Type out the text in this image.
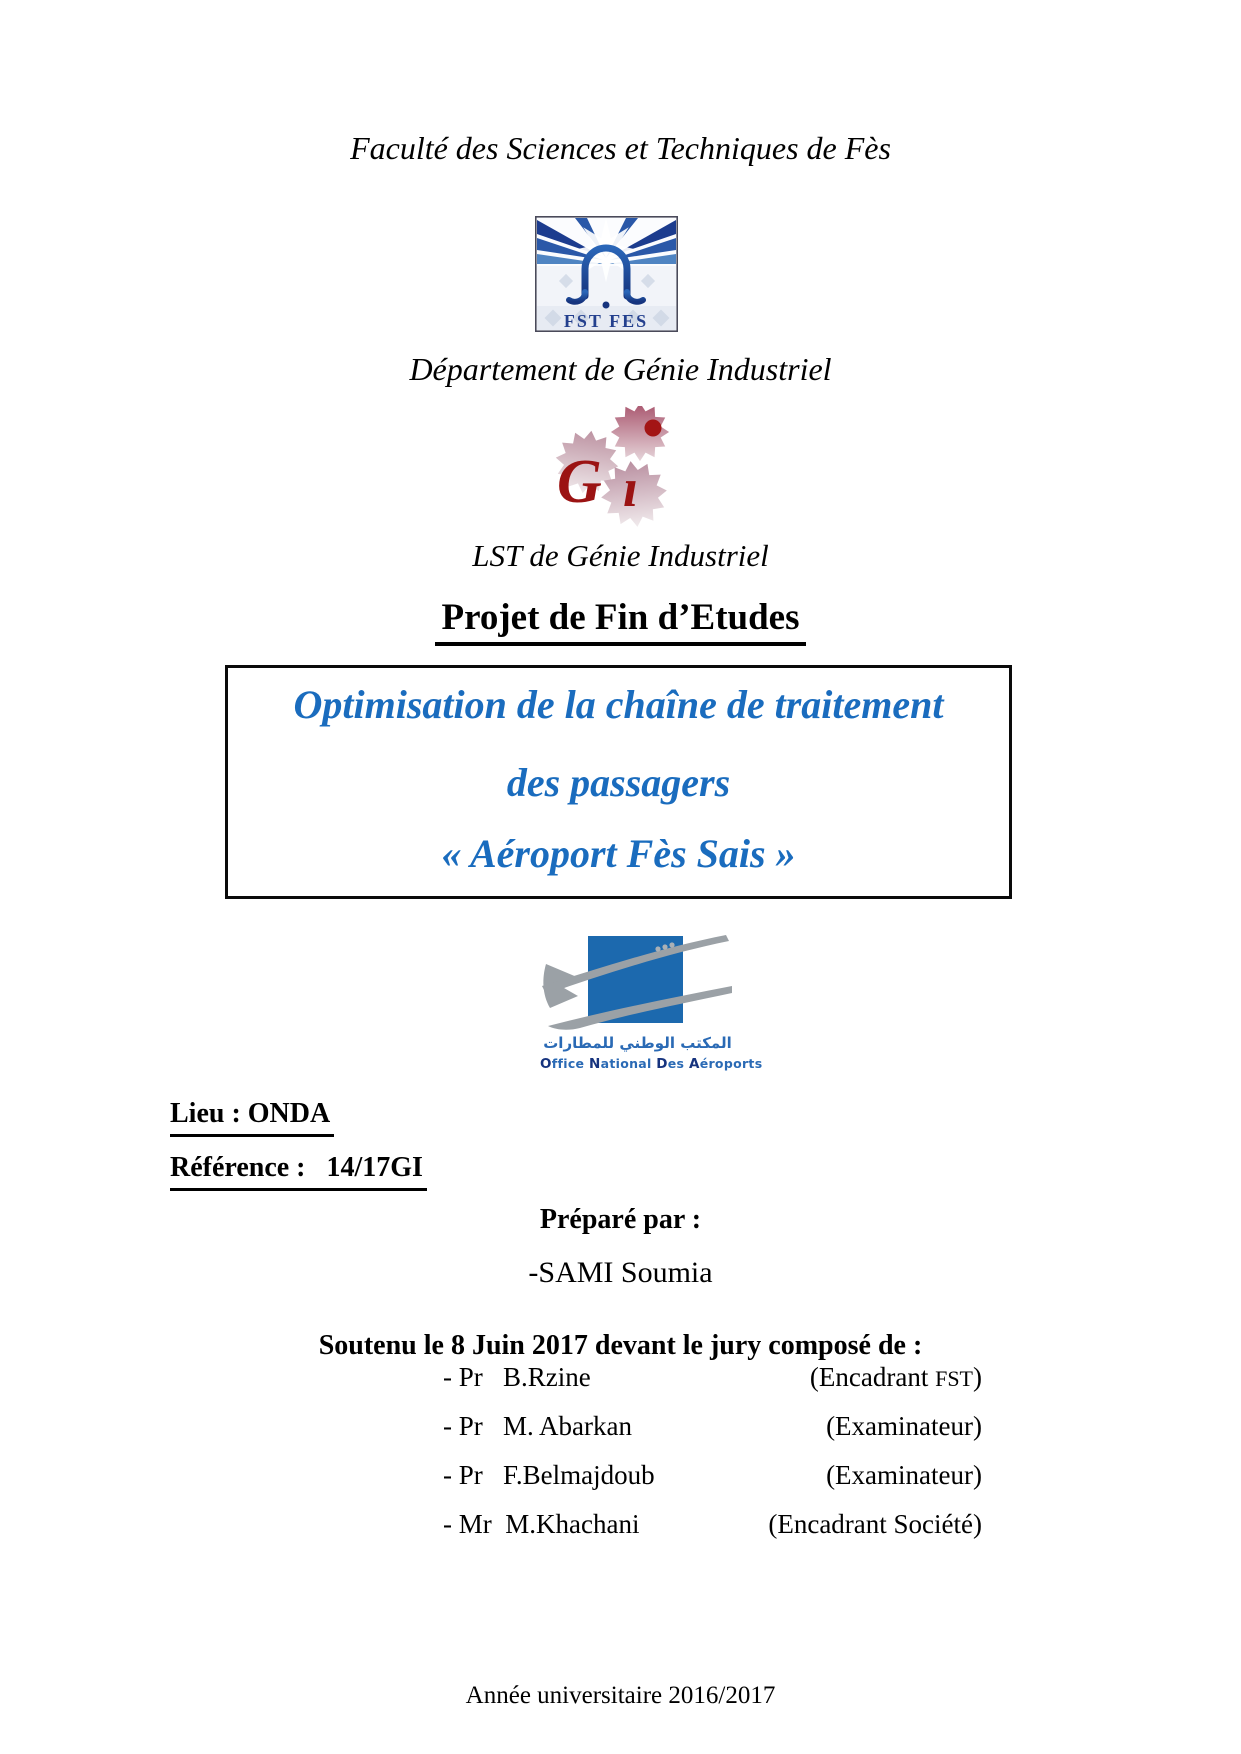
Faculté des Sciences et Techniques de Fès
FST FES
Département de Génie Industriel
G ı
LST de Génie Industriel
Projet de Fin d’Etudes
Optimisation de la chaîne de traitement
des passagers
« Aéroport Fès Sais »
المكتب الوطني للمطارات
Office National Des Aéroports
Lieu : ONDA
Référence :   14/17GI
Préparé par :
-SAMI Soumia
Soutenu le 8 Juin 2017 devant le jury composé de :
- Pr   B.Rzine	(Encadrant FST)
- Pr   M. Abarkan	(Examinateur)
- Pr   F.Belmajdoub	(Examinateur)
- Mr  M.Khachani	(Encadrant Société)
Année universitaire 2016/2017
